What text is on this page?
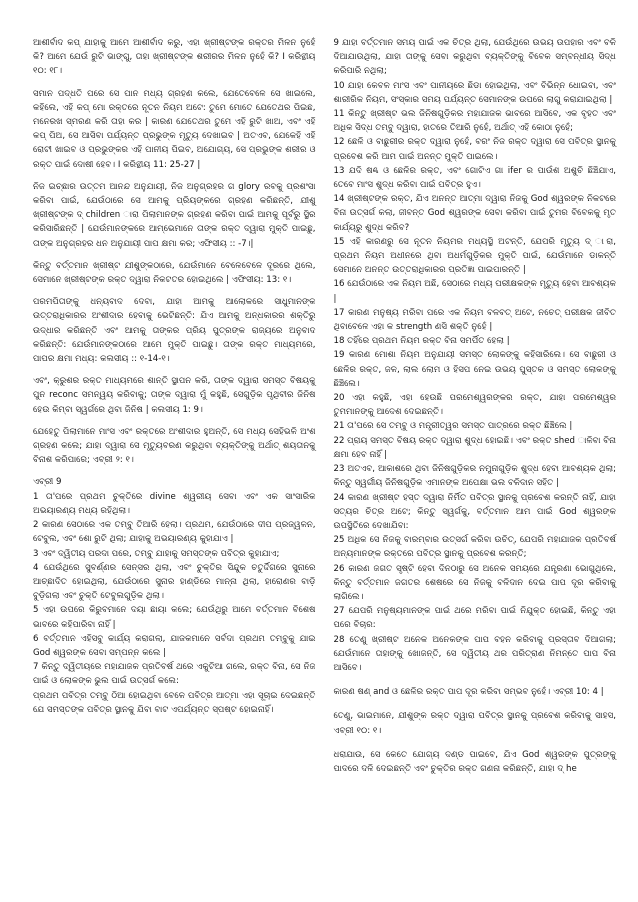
ଆଶୀର୍ବାଦ କପ୍ ଯାହାକୁ ଆମେ ଆଶୀର୍ବାଦ କରୁ, ଏହା ଖ୍ରୀଷ୍ଟଙ୍କ ରକ୍ତର ମିଳନ ନୁହେଁ କି? ଆମେ ଯେଉଁ ରୁଟି ଭାଙ୍ଗୁ, ତାହା ଖ୍ରୀଷ୍ଟଙ୍କ ଶରୀରର ମିଳନ ନୁହେଁ କି? I କରିନ୍ଥୀୟ ୧୦: ୧୮।

ସମାନ ପଦ୍ଧତି ପରେ ସେ ପାନ ମଧ୍ୟ ଗ୍ରହଣ କଲେ, ଯେତେବେଳେ ସେ ଖାଇଲେ, କହିଲେ, ଏହି କପ୍ ମୋ ରକ୍ତରେ ନୂତନ ନିୟମ ଅଟେ: ତୁମେ ମୋତେ ଯେତେଥର ପିଇଛ, ମନେରଖ ସ୍ମରଣ କରି ତାହା କର | କାରଣ ଯେତେଥର ତୁମେ ଏହି ରୁଟି ଖାଅ, ଏବଂ ଏହି କପ୍ ପିଅ, ସେ ଆସିବା ପର୍ଯ୍ୟନ୍ତ ପ୍ରଭୁଙ୍କ ମୃତ୍ୟୁ ଦେଖାଇବ | ଅତଏବ, ଯେକେହି ଏହି ରୋଟୀ ଖାଇବ ଓ ପ୍ରଭୁଙ୍କର ଏହି ପାନୀୟ ପିଇବ, ଅଯୋଗ୍ୟ, ସେ ପ୍ରଭୁଙ୍କ ଶରୀର ଓ ରକ୍ତ ପାଇଁ ଦୋଷୀ ହେବ। I କରିନ୍ଥୀୟ 11: 25-27 |

ନିଜ ଇଚ୍ଛାର ଉତ୍ତମ ଆନନ୍ଦ ଅନୁଯାୟୀ, ନିଜ ଅନୁଗ୍ରହର ଗ glory ରବକୁ ପ୍ରଶଂସା କରିବା ପାଇଁ, ଯେଉଁଠାରେ ସେ ଆମକୁ ପ୍ରିୟଙ୍କରେ ଗ୍ରହଣ କରିଛନ୍ତି, ଯୀଶୁ ଖ୍ରୀଷ୍ଟଙ୍କ ଦ୍ children ାରା ପିଲାମାନଙ୍କ ଗ୍ରହଣ କରିବା ପାଇଁ ଆମକୁ ପୂର୍ବରୁ ସ୍ଥିର କରିସାରିଛନ୍ତି | ଯେଉଁମାନଙ୍କରେ ଆମ୍ଭେମାନେ ତାଙ୍କ ରକ୍ତ ଦ୍ୱାରା ମୁକ୍ତି ପାଇଛୁ, ତାଙ୍କ ଅନୁଗ୍ରହର ଧନ ଅନୁଯାୟୀ ପାପ କ୍ଷମା କର; ଏଫିସୀୟ :: -7।|

କିନ୍ତୁ ବର୍ତ୍ତମାନ ଖ୍ରୀଷ୍ଟ ଯୀଶୁଙ୍କଠାରେ, ଯେଉଁମାନେ ବେଳେବେଳେ ଦୂରରେ ଥିଲେ, ସେମାନେ ଖ୍ରୀଷ୍ଟଙ୍କ ରକ୍ତ ଦ୍ୱାରା ନିକଟତର ହୋଇଥିଲେ | ଏଫିସୀୟ: 13: ୧।

ପରମପିତାଙ୍କୁ ଧନ୍ୟବାଦ ଦେବା, ଯାହା ଆମକୁ ଆଲୋକରେ ସାଧୁମାନଙ୍କ ଉତ୍ତରାଧିକାରର ଅଂଶୀଦାର ହେବାକୁ ଭେଟିଛନ୍ତି: ଯିଏ ଆମକୁ ଅନ୍ଧକାରର ଶକ୍ତିରୁ ଉଦ୍ଧାର କରିଛନ୍ତି ଏବଂ ଆମକୁ ତାଙ୍କର ପ୍ରିୟ ପୁତ୍ରଙ୍କ ରାଜ୍ୟରେ ଅନୁବାଦ କରିଛନ୍ତି: ଯେଉଁମାନଙ୍କଠାରେ ଆମେ ମୁକ୍ତି ପାଇଛୁ। ତାଙ୍କ ରକ୍ତ ମାଧ୍ୟମରେ, ପାପର କ୍ଷମା ମଧ୍ୟ: କଲସୀୟ :: ୧-14-୧।

ଏବଂ, କ୍ରୁଶର ରକ୍ତ ମାଧ୍ୟମରେ ଶାନ୍ତି ସ୍ଥାପନ କରି, ତାଙ୍କ ଦ୍ୱାରା ସମସ୍ତ ବିଷୟକୁ ପୁନ reconc ସମନ୍ୱୟ କରିବାକୁ; ତାଙ୍କ ଦ୍ୱାରା ମୁଁ କହୁଛି, ସେଗୁଡ଼ିକ ପୃଥିବୀର ଜିନିଷ ହେଉ କିମ୍ବା ସ୍ୱର୍ଗରେ ଥିବା ଜିନିଷ | କଲସୀୟ 1: 9।

ଯେହେତୁ ପିଲାମାନେ ମାଂସ ଏବଂ ରକ୍ତରେ ଅଂଶୀଦାର ହୁଅନ୍ତି, ସେ ମଧ୍ୟ ସେହିଭଳି ଅଂଶ ଗ୍ରହଣ କଲେ; ଯାହା ଦ୍ୱାରା ସେ ମୃତ୍ୟୁବରଣ କରୁଥିବା ବ୍ୟକ୍ତିଙ୍କୁ ଅର୍ଥାତ୍ ଶୟତାନକୁ ବିନାଶ କରିପାରେ; ଏବ୍ରୀ ୨: ୧।

ଏବ୍ରୀ 9

1 ତା'ପରେ ପ୍ରଥମ ଚୁକ୍ତିରେ divine ଶ୍ୱରୀୟ ସେବା ଏବଂ ଏକ ସାଂସାରିକ ଅଭୟାରଣ୍ୟ ମଧ୍ୟ ରହିଥିଲା।

2 କାରଣ ସେଠାରେ ଏକ ତମ୍ବୁ ତିଆରି ହେଲା। ପ୍ରଥମ, ଯେଉଁଠାରେ ଦୀପ ପ୍ରଜ୍ୱଳନ, ଟେବୁଲ, ଏବଂ ଶୋ ରୁଟି ଥିଲା; ଯାହାକୁ ଅଭୟାରଣ୍ୟ କୁହାଯାଏ |

3 ଏବଂ ଦ୍ୱିତୀୟ ପରଦା ପରେ, ତମ୍ବୁ ଯାହାକୁ ସମସ୍ତଙ୍କ ପବିତ୍ର କୁହାଯାଏ;

4 ଯେଉଁଥିରେ ସୁବର୍ଣ୍ଣର ସେନ୍ସର ଥିଲା, ଏବଂ ଚୁକ୍ତିର ସିନ୍ଦୁକ ଚତୁର୍ଦ୍ଦିଗରେ ସୁନାରେ ଆଚ୍ଛାଦିତ ହୋଇଥିଲା, ଯେଉଁଠାରେ ସୁନାର ହାଣ୍ଡିରେ ମାନ୍ନା ଥିଲା, ହାରୋଣର ବାଡ଼ି ବୁଡ଼ିଗଲା ଏବଂ ଚୁକ୍ତି ଟେବୁଲଗୁଡ଼ିକ ଥିଲା।

5 ଏହା ଉପରେ କିରୁବମାନେ ଦୟା ଛାୟା କଲେ; ଯେଉଁଥିରୁ ଆମେ ବର୍ତ୍ତମାନ ବିଶେଷ ଭାବରେ କହିପାରିବା ନାହିଁ |

6 ବର୍ତ୍ତମାନ ଏହିସବୁ କାର୍ଯ୍ୟ କରାଗଲା, ଯାଜକମାନେ ସର୍ବଦା ପ୍ରଥମ ତମ୍ବୁକୁ ଯାଇ God ଶ୍ୱରଙ୍କ ସେବା ସମ୍ପନ୍ନ କଲେ |

7 କିନ୍ତୁ ଦ୍ୱିତୀୟରେ ମହାଯାଜକ ପ୍ରତିବର୍ଷ ଥରେ ଏକୁଟିଆ ଗଲେ, ରକ୍ତ ବିନା, ସେ ନିଜ ପାଇଁ ଓ ଲୋକଙ୍କ ଭୁଲ ପାଇଁ ଉତ୍ସର୍ଗ କଲେ:

ପ୍ରଥମ ପବିତ୍ର ତମ୍ବୁ ଠିଆ ହୋଇଥିବା ବେଳେ ପବିତ୍ର ଆତ୍ମା ଏହା ସୂଚାଇ ଦେଇଛନ୍ତି ଯେ ସମସ୍ତଙ୍କ ପବିତ୍ର ସ୍ଥାନକୁ ଯିବା ବାଟ ଏପର୍ଯ୍ୟନ୍ତ ସ୍ପଷ୍ଟ ହୋଇନାହିଁ।

9 ଯାହା ବର୍ତ୍ତମାନ ସମୟ ପାଇଁ ଏକ ଚିତ୍ର ଥିଲା, ଯେଉଁଥିରେ ଉଭୟ ଉପହାର ଏବଂ ବଳି ଦିଆଯାଉଥିଲା, ଯାହା ତାଙ୍କୁ ସେବା କରୁଥିବା ବ୍ୟକ୍ତିଙ୍କୁ ବିବେକ ସମ୍ବନ୍ଧୀୟ ସିଦ୍ଧ କରିପାରି ନଥିଲା;

10 ଯାହା କେବଳ ମାଂସ ଏବଂ ପାନୀୟରେ ଛିଡା ହୋଇଥିଲା, ଏବଂ ବିଭିନ୍ନ ଧୋଇବା, ଏବଂ ଶାରୀରିକ ନିୟମ, ସଂସ୍କାର ସମୟ ପର୍ଯ୍ୟନ୍ତ ସେମାନଙ୍କ ଉପରେ ଲାଗୁ କରାଯାଇଥିଲା |

11 କିନ୍ତୁ ଖ୍ରୀଷ୍ଟ ଭଲ ଜିନିଷଗୁଡ଼ିକର ମହାଯାଜକ ଭାବରେ ଆସିବେ, ଏକ ବୃହତ ଏବଂ ଅଧିକ ସିଦ୍ଧ ତମ୍ବୁ ଦ୍ୱାରା, ହାତରେ ତିଆରି ନୁହେଁ, ଅର୍ଥାତ୍ ଏହି କୋଠା ନୁହେଁ;

12 ଛେଳି ଓ ବାଛୁରୀର ରକ୍ତ ଦ୍ୱାରା ନୁହେଁ, ବରଂ ନିଜ ରକ୍ତ ଦ୍ୱାରା ସେ ପବିତ୍ର ସ୍ଥାନକୁ ପ୍ରବେଶ କରି ଆମ ପାଇଁ ଅନନ୍ତ ମୁକ୍ତି ପାଇଲେ।

13 ଯଦି ଷଣ୍ଢ ଓ ଛେଳିର ରକ୍ତ, ଏବଂ ଗୋଟିଏ ଗା ifer ର ପାଉଁଶ ଅଶୁଚି ଛିଞ୍ଚିଯାଏ, ତେବେ ମାଂସ ଶୁଦ୍ଧ କରିବା ପାଇଁ ପବିତ୍ର ହୁଏ।

14 ଖ୍ରୀଷ୍ଟଙ୍କ ରକ୍ତ, ଯିଏ ଅନନ୍ତ ଆତ୍ମା ଦ୍ୱାରା ନିଜକୁ God ଶ୍ୱରଙ୍କ ନିକଟରେ ବିନା ଉତ୍ସର୍ଗ କଲା, ଜୀବନ୍ତ God ଶ୍ୱରଙ୍କ ସେବା କରିବା ପାଇଁ ତୁମର ବିବେକକୁ ମୃତ କାର୍ଯ୍ୟରୁ ଶୁଦ୍ଧ କରିବ?

15 ଏହି କାରଣରୁ ସେ ନୂତନ ନିୟମର ମଧ୍ୟସ୍ଥି ଅଟନ୍ତି, ଯେପରି ମୃତ୍ୟୁ ଦ୍ ାରା, ପ୍ରଥମ ନିୟମ ଅଧୀନରେ ଥିବା ଅଧର୍ମଗୁଡ଼ିକର ମୁକ୍ତି ପାଇଁ, ଯେଉଁମାନେ ଡାକନ୍ତି ସେମାନେ ଅନନ୍ତ ଉତ୍ତରାଧିକାରର ପ୍ରତିଜ୍ଞା ପାଇପାରନ୍ତି |

16 ଯେଉଁଠାରେ ଏକ ନିୟମ ଅଛି, ସେଠାରେ ମଧ୍ୟ ପରୀକ୍ଷକଙ୍କ ମୃତ୍ୟୁ ହେବା ଆବଶ୍ୟକ |

17 କାରଣ ମନୁଷ୍ୟ ମରିବା ପରେ ଏକ ନିୟମ ବଳବତ୍ ଅଟେ, ନଚେତ୍ ପରୀକ୍ଷକ ଜୀବିତ ଥିବାବେଳେ ଏହା କ strength ଣସି ଶକ୍ତି ନୁହେଁ |

18 ତହିଁରେ ପ୍ରଥମ ନିୟମ ରକ୍ତ ବିନା ସମର୍ପିତ ହେଲା |

19 କାରଣ ମୋଶା ନିୟମ ଅନୁଯାୟୀ ସମସ୍ତ ଲୋକଙ୍କୁ କହିସାରିଲେ। ସେ ବାଛୁରୀ ଓ ଛେଳିର ରକ୍ତ, ଜଳ, ଲାଲ ଲୋମ ଓ ହିସପ ନେଇ ଉଭୟ ପୁସ୍ତକ ଓ ସମସ୍ତ ଲୋକଙ୍କୁ ଛିଞ୍ଚିଲେ।

20 ଏହା କହୁଛି, ଏହା ହେଉଛି ପରମେଶ୍ୱରଙ୍କର ରକ୍ତ, ଯାହା ପରମେଶ୍ୱର ତୁମମାନଙ୍କୁ ଆଦେଶ ଦେଇଛନ୍ତି।

21 ତା'ପରେ ସେ ତମ୍ବୁ ଓ ମନ୍ତ୍ରୀତ୍ୱର ସମସ୍ତ ପାତ୍ରରେ ରକ୍ତ ଛିଞ୍ଚିଲେ |

22 ପ୍ରାୟ ସମସ୍ତ ବିଷୟ ରକ୍ତ ଦ୍ୱାରା ଶୁଦ୍ଧ ହୋଇଛି। ଏବଂ ରକ୍ତ shed ାଳିବା ବିନା କ୍ଷମା ହେବ ନାହିଁ |

23 ଅତଏବ, ଆକାଶରେ ଥିବା ଜିନିଷଗୁଡ଼ିକର ନମୁନାଗୁଡ଼ିକ ଶୁଦ୍ଧ ହେବା ଆବଶ୍ୟକ ଥିଲା; କିନ୍ତୁ ସ୍ୱର୍ଗୀୟ ଜିନିଷଗୁଡ଼ିକ ଏମାନଙ୍କ ଅପେକ୍ଷା ଭଲ ବଳିଦାନ ସହିତ |

24 କାରଣ ଖ୍ରୀଷ୍ଟ ହସ୍ତ ଦ୍ୱାରା ନିର୍ମିତ ପବିତ୍ର ସ୍ଥାନକୁ ପ୍ରବେଶ କରନ୍ତି ନାହିଁ, ଯାହା ସତ୍ୟର ଚିତ୍ର ଅଟେ; କିନ୍ତୁ ସ୍ୱର୍ଗକୁ, ବର୍ତ୍ତମାନ ଆମ ପାଇଁ God ଶ୍ୱରଙ୍କ ଉପସ୍ଥିତିରେ ଦେଖାଯିବା:

25 ଅଧିକ ସେ ନିଜକୁ ବାରମ୍ବାର ଉତ୍ସର୍ଗ କରିବା ଉଚିତ୍, ଯେପରି ମହାଯାଜକ ପ୍ରତିବର୍ଷ ଅନ୍ୟମାନଙ୍କ ରକ୍ତରେ ପବିତ୍ର ସ୍ଥାନକୁ ପ୍ରବେଶ କରନ୍ତି;

26 କାରଣ ଜଗତ ସୃଷ୍ଟି ହେବା ଦିନଠାରୁ ସେ ଅନେକ ସମୟରେ ଯନ୍ତ୍ରଣା ଭୋଗୁଥିଲେ, କିନ୍ତୁ ବର୍ତ୍ତମାନ ଜଗତର ଶେଷରେ ସେ ନିଜକୁ ବଳିଦାନ ଦେଇ ପାପ ଦୂର କରିବାକୁ ଲାଗିଲେ।

27 ଯେପରି ମନୁଷ୍ୟମାନଙ୍କ ପାଇଁ ଥରେ ମରିବା ପାଇଁ ନିଯୁକ୍ତ ହୋଇଛି, କିନ୍ତୁ ଏହା ପରେ ବିଚାର:

28 ତେଣୁ ଖ୍ରୀଷ୍ଟ ଅନେକ ଅନେକଙ୍କ ପାପ ବହନ କରିବାକୁ ପ୍ରସ୍ତାବ ଦିଆଗଲା; ଯେଉଁମାନେ ତାହାଙ୍କୁ ଖୋଜନ୍ତି, ସେ ଦ୍ୱିତୀୟ ଥର ପରିତ୍ରାଣ ନିମନ୍ତେ ପାପ ବିନା ଆସିବେ।

କାରଣ ଷଣ୍ and ଓ ଛେଳିର ରକ୍ତ ପାପ ଦୂର କରିବା ସମ୍ଭବ ନୁହେଁ। ଏବ୍ରୀ 10: 4 |

ତେଣୁ, ଭାଇମାନେ, ଯୀଶୁଙ୍କ ରକ୍ତ ଦ୍ୱାରା ପବିତ୍ର ସ୍ଥାନକୁ ପ୍ରବେଶ କରିବାକୁ ସାହସ, ଏବ୍ରୀ ୧୦: ୧।

ଧରାଯାଉ, ସେ କେତେ ଯୋଗ୍ୟ ଦଣ୍ଡ ପାଇବେ, ଯିଏ God ଶ୍ୱରଙ୍କ ପୁତ୍ରଙ୍କୁ ପାଦରେ ଦଳି ଦେଇଛନ୍ତି ଏବଂ ଚୁକ୍ତିର ରକ୍ତ ଗଣନା କରିଛନ୍ତି, ଯାହା ଦ୍ he
